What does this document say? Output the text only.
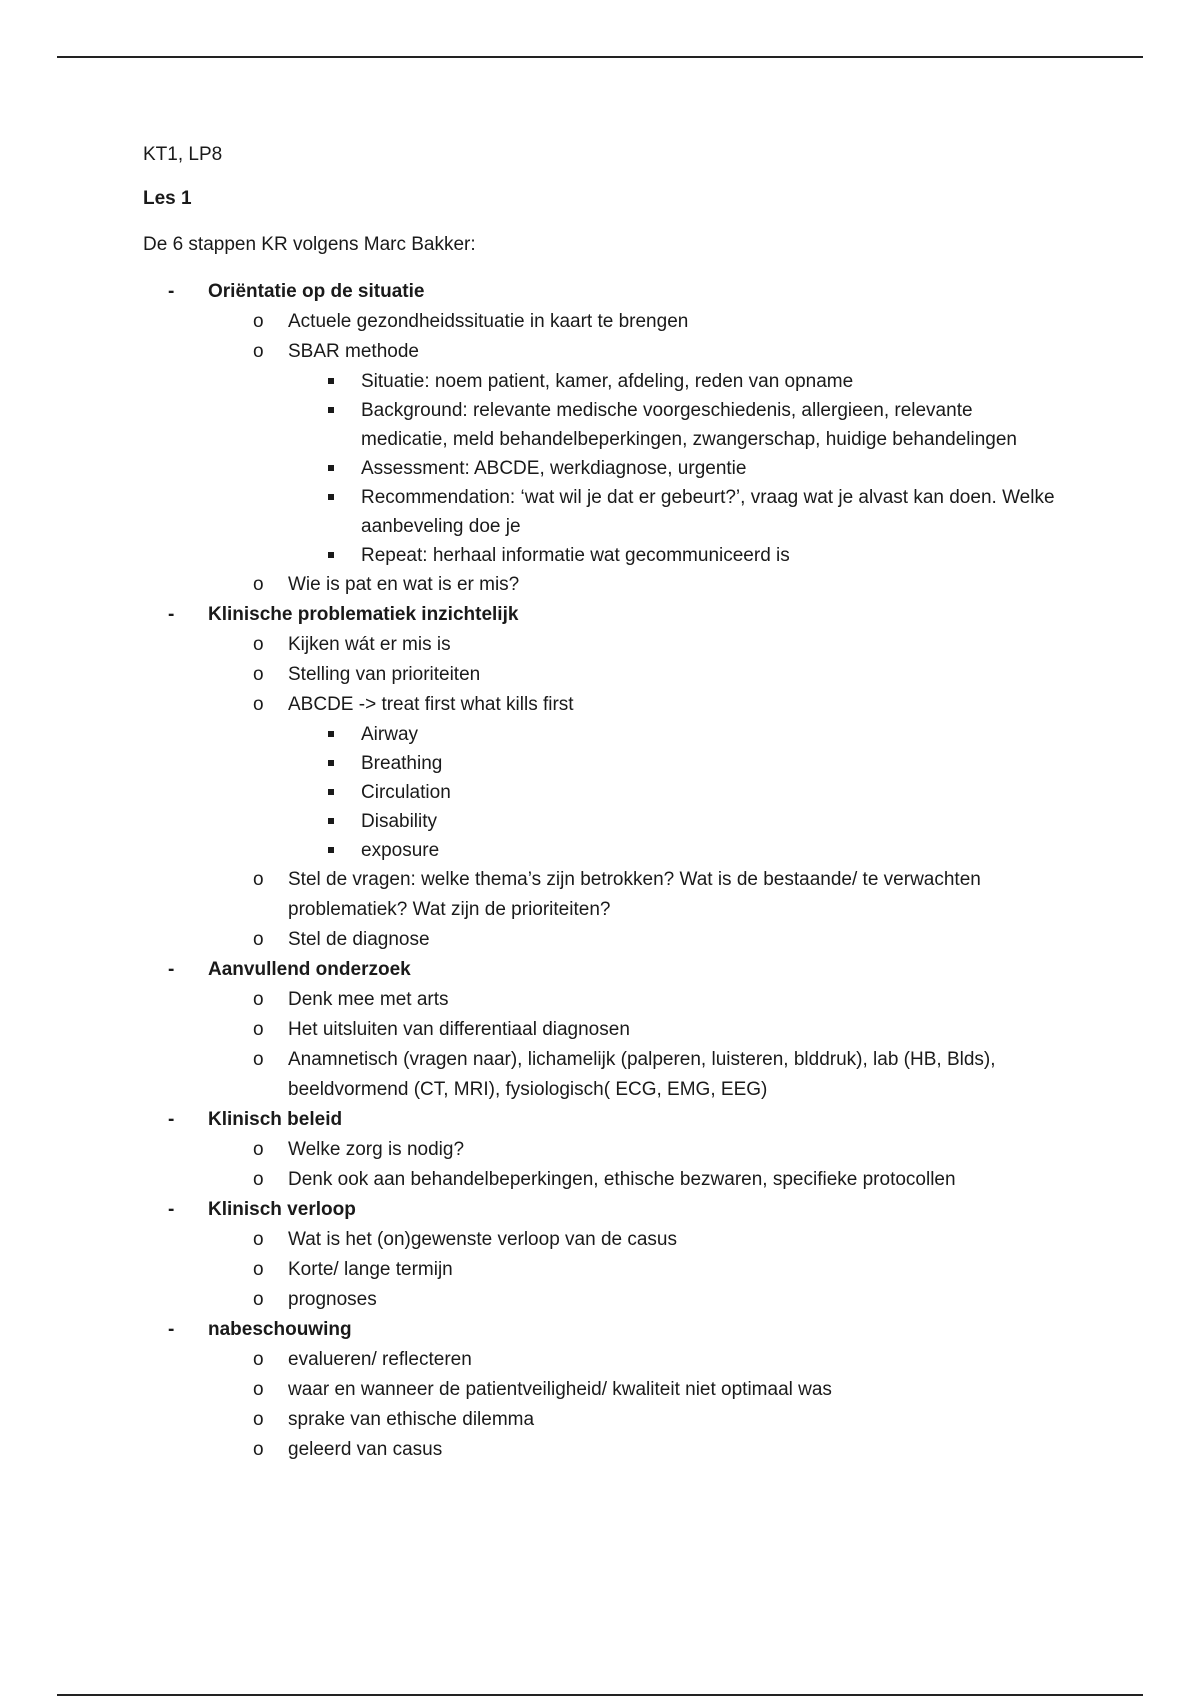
KT1, LP8

Les 1

De 6 stappen KR volgens Marc Bakker:

-	Oriëntatie op de situatie
o Actuele gezondheidssituatie in kaart te brengen
o SBAR methode
Situatie: noem patient, kamer, afdeling, reden van opname
Background: relevante medische voorgeschiedenis, allergieen, relevante medicatie, meld behandelbeperkingen, zwangerschap, huidige behandelingen
Assessment: ABCDE, werkdiagnose, urgentie
Recommendation: ‘wat wil je dat er gebeurt?’, vraag wat je alvast kan doen. Welke aanbeveling doe je
Repeat: herhaal informatie wat gecommuniceerd is
o Wie is pat en wat is er mis?
-	Klinische problematiek inzichtelijk
o Kijken wát er mis is
o Stelling van prioriteiten
o ABCDE -> treat first what kills first
Airway
Breathing
Circulation
Disability
exposure
o Stel de vragen: welke thema’s zijn betrokken? Wat is de bestaande/ te verwachten problematiek? Wat zijn de prioriteiten?
o Stel de diagnose
-	Aanvullend onderzoek
o Denk mee met arts
o Het uitsluiten van differentiaal diagnosen
o Anamnetisch (vragen naar), lichamelijk (palperen, luisteren, blddruk), lab (HB, Blds), beeldvormend (CT, MRI), fysiologisch( ECG, EMG, EEG)
-	Klinisch beleid
o Welke zorg is nodig?
o Denk ook aan behandelbeperkingen, ethische bezwaren, specifieke protocollen
-	Klinisch verloop
o Wat is het (on)gewenste verloop van de casus
o Korte/ lange termijn
o prognoses
-	nabeschouwing
o evalueren/ reflecteren
o waar en wanneer de patientveiligheid/ kwaliteit niet optimaal was
o sprake van ethische dilemma
o geleerd van casus
